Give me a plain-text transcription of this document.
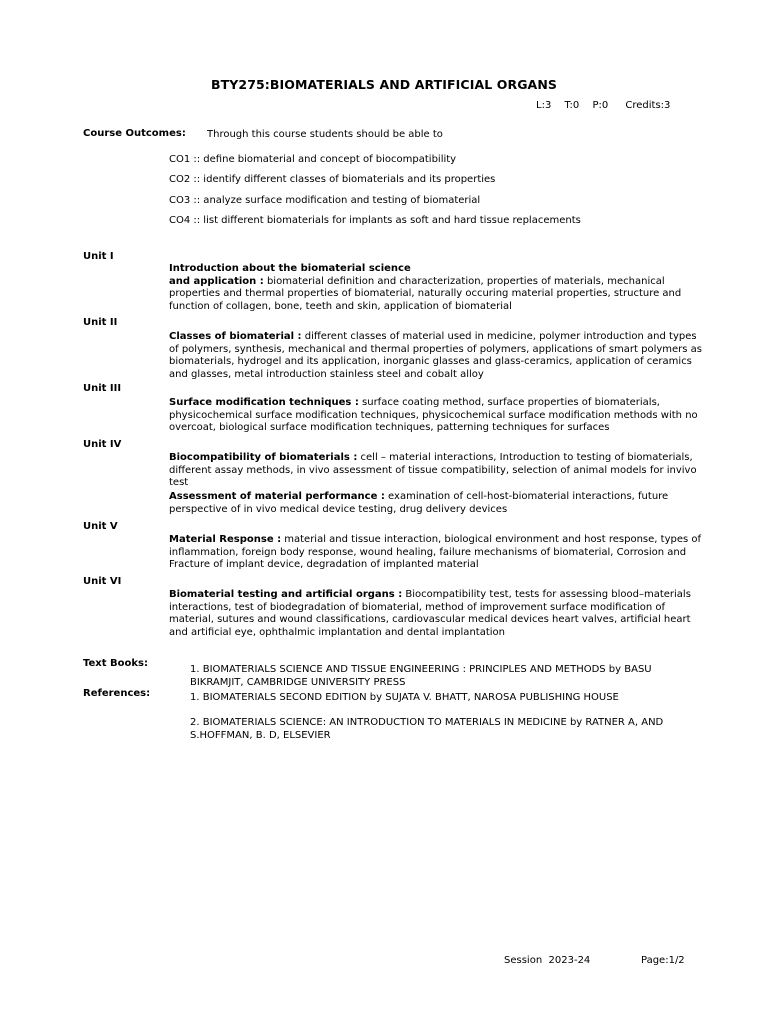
BTY275:BIOMATERIALS AND ARTIFICIAL ORGANS
L:3 T:0 P:0 Credits:3
Course Outcomes: Through this course students should be able to
CO1 :: define biomaterial and concept of biocompatibility
CO2 :: identify different classes of biomaterials and its properties
CO3 :: analyze surface modification and testing of biomaterial
CO4 :: list different biomaterials for implants as soft and hard tissue replacements
Unit I
Introduction about the biomaterial science
and application : biomaterial definition and characterization, properties of materials, mechanical properties and thermal properties of biomaterial, naturally occuring material properties, structure and function of collagen, bone, teeth and skin, application of biomaterial
Unit II
Classes of biomaterial : different classes of material used in medicine, polymer introduction and types of polymers, synthesis, mechanical and thermal properties of polymers, applications of smart polymers as biomaterials, hydrogel and its application, inorganic glasses and glass-ceramics, application of ceramics and glasses, metal introduction stainless steel and cobalt alloy
Unit III
Surface modification techniques : surface coating method, surface properties of biomaterials, physicochemical surface modification techniques, physicochemical surface modification methods with no overcoat, biological surface modification techniques, patterning techniques for surfaces
Unit IV
Biocompatibility of biomaterials : cell – material interactions, Introduction to testing of biomaterials, different assay methods, in vivo assessment of tissue compatibility, selection of animal models for invivo test
Assessment of material performance : examination of cell-host-biomaterial interactions, future perspective of in vivo medical device testing, drug delivery devices
Unit V
Material Response : material and tissue interaction, biological environment and host response, types of inflammation, foreign body response, wound healing, failure mechanisms of biomaterial, Corrosion and Fracture of implant device, degradation of implanted material
Unit VI
Biomaterial testing and artificial organs : Biocompatibility test, tests for assessing blood–materials interactions, test of biodegradation of biomaterial, method of improvement surface modification of material, sutures and wound classifications, cardiovascular medical devices heart valves, artificial heart and artificial eye, ophthalmic implantation and dental implantation
Text Books:
1. BIOMATERIALS SCIENCE AND TISSUE ENGINEERING : PRINCIPLES AND METHODS by BASU BIKRAMJIT, CAMBRIDGE UNIVERSITY PRESS
References:	1. BIOMATERIALS SECOND EDITION by SUJATA V. BHATT, NAROSA PUBLISHING HOUSE
2. BIOMATERIALS SCIENCE: AN INTRODUCTION TO MATERIALS IN MEDICINE by RATNER A, AND S.HOFFMAN, B. D, ELSEVIER
Session  2023-24	Page:1/2
